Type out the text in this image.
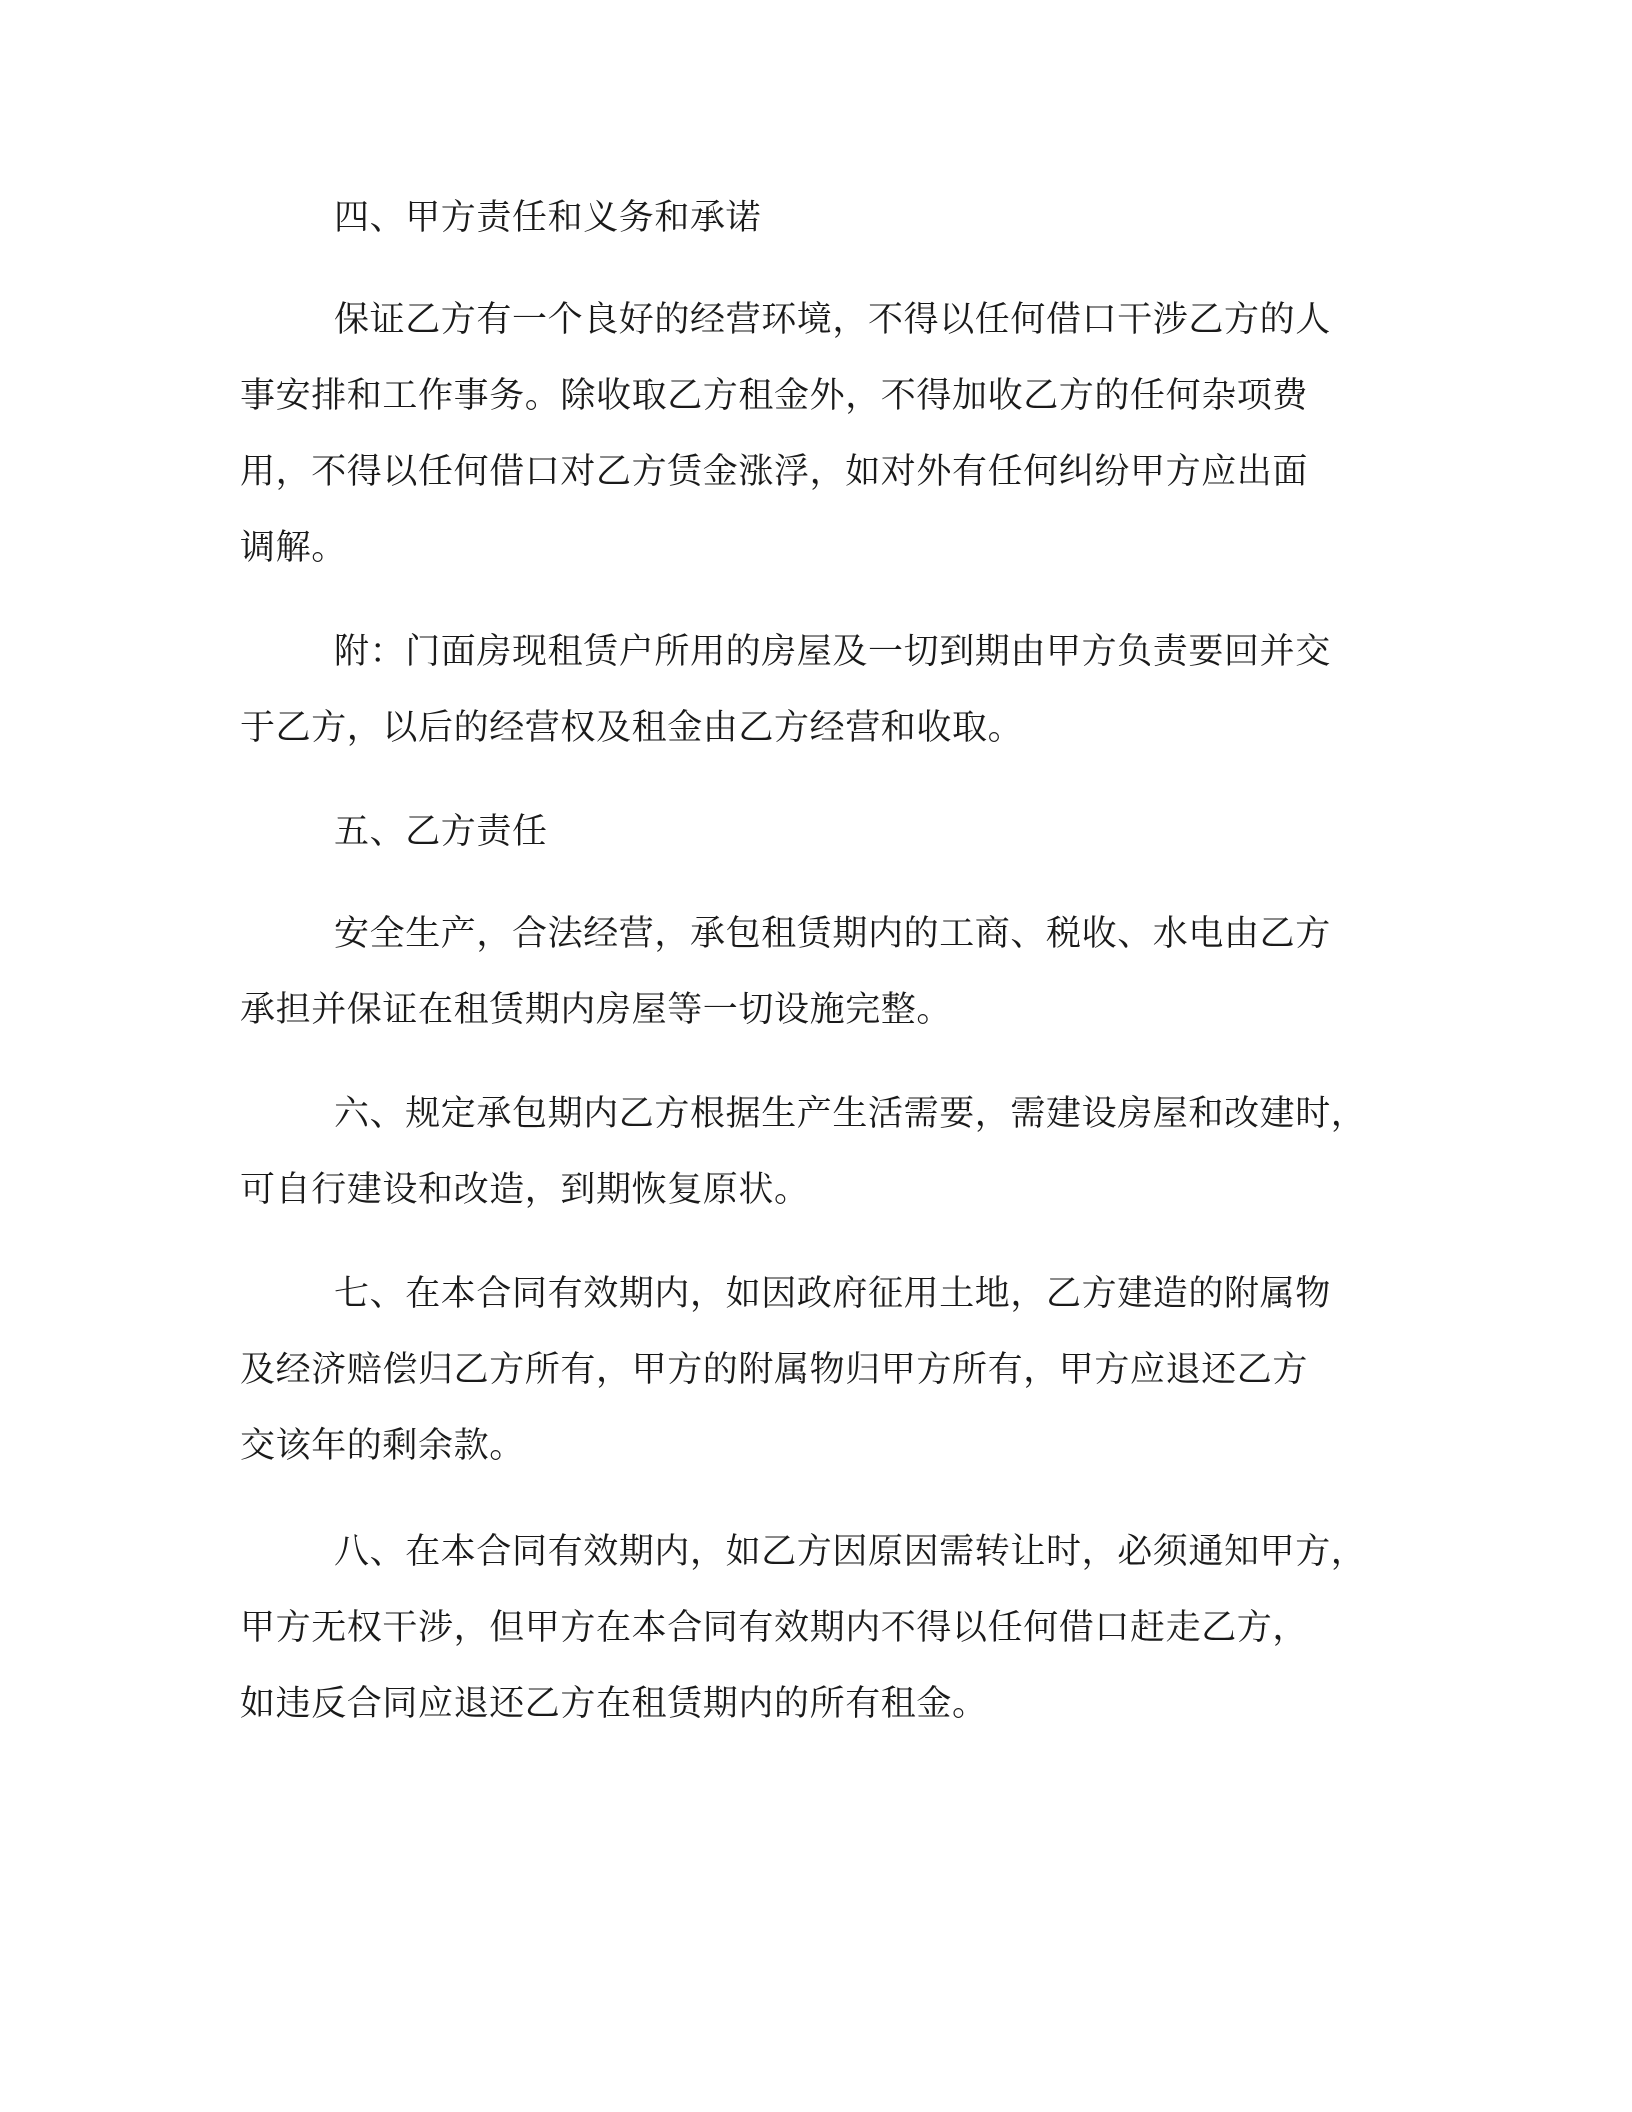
四、甲方责任和义务和承诺
保证乙方有一个良好的经营环境，不得以任何借口干涉乙方的人
事安排和工作事务。除收取乙方租金外，不得加收乙方的任何杂项费
用，不得以任何借口对乙方赁金涨浮，如对外有任何纠纷甲方应出面
调解。
附：门面房现租赁户所用的房屋及一切到期由甲方负责要回并交
于乙方，以后的经营权及租金由乙方经营和收取。
五、乙方责任
安全生产，合法经营，承包租赁期内的工商、税收、水电由乙方
承担并保证在租赁期内房屋等一切设施完整。
六、规定承包期内乙方根据生产生活需要，需建设房屋和改建时，
可自行建设和改造，到期恢复原状。
七、在本合同有效期内，如因政府征用土地，乙方建造的附属物
及经济赔偿归乙方所有，甲方的附属物归甲方所有，甲方应退还乙方
交该年的剩余款。
八、在本合同有效期内，如乙方因原因需转让时，必须通知甲方，
甲方无权干涉，但甲方在本合同有效期内不得以任何借口赶走乙方，
如违反合同应退还乙方在租赁期内的所有租金。
